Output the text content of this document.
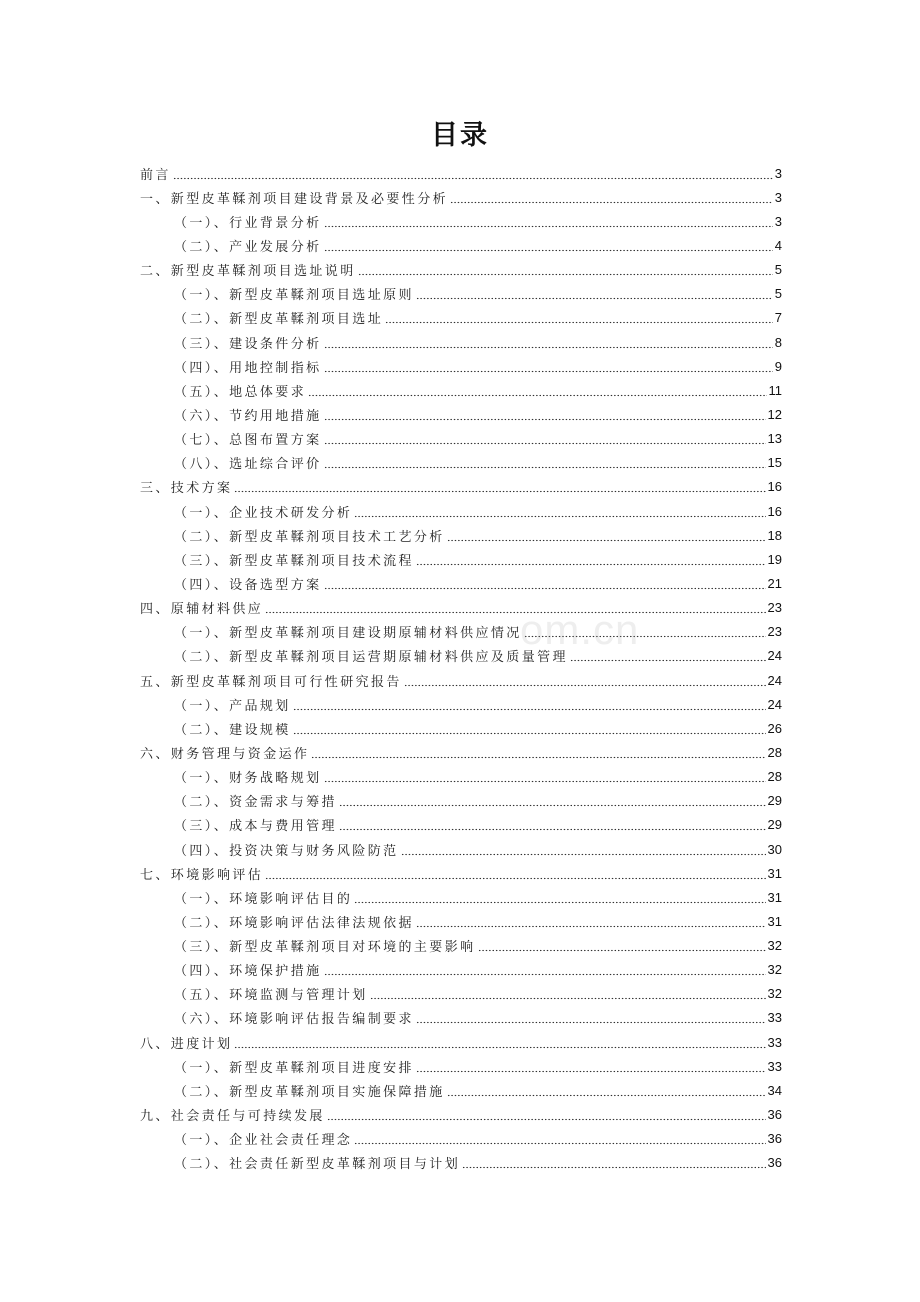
目录
前言	3
一、新型皮革鞣剂项目建设背景及必要性分析	3
（一）、行业背景分析	3
（二）、产业发展分析	4
二、新型皮革鞣剂项目选址说明	5
（一）、新型皮革鞣剂项目选址原则	5
（二）、新型皮革鞣剂项目选址	7
（三）、建设条件分析	8
（四）、用地控制指标	9
（五）、地总体要求	11
（六）、节约用地措施	12
（七）、总图布置方案	13
（八）、选址综合评价	15
三、技术方案	16
（一）、企业技术研发分析	16
（二）、新型皮革鞣剂项目技术工艺分析	18
（三）、新型皮革鞣剂项目技术流程	19
（四）、设备选型方案	21
四、原辅材料供应	23
（一）、新型皮革鞣剂项目建设期原辅材料供应情况	23
（二）、新型皮革鞣剂项目运营期原辅材料供应及质量管理	24
五、新型皮革鞣剂项目可行性研究报告	24
（一）、产品规划	24
（二）、建设规模	26
六、财务管理与资金运作	28
（一）、财务战略规划	28
（二）、资金需求与筹措	29
（三）、成本与费用管理	29
（四）、投资决策与财务风险防范	30
七、环境影响评估	31
（一）、环境影响评估目的	31
（二）、环境影响评估法律法规依据	31
（三）、新型皮革鞣剂项目对环境的主要影响	32
（四）、环境保护措施	32
（五）、环境监测与管理计划	32
（六）、环境影响评估报告编制要求	33
八、进度计划	33
（一）、新型皮革鞣剂项目进度安排	33
（二）、新型皮革鞣剂项目实施保障措施	34
九、社会责任与可持续发展	36
（一）、企业社会责任理念	36
（二）、社会责任新型皮革鞣剂项目与计划	36
